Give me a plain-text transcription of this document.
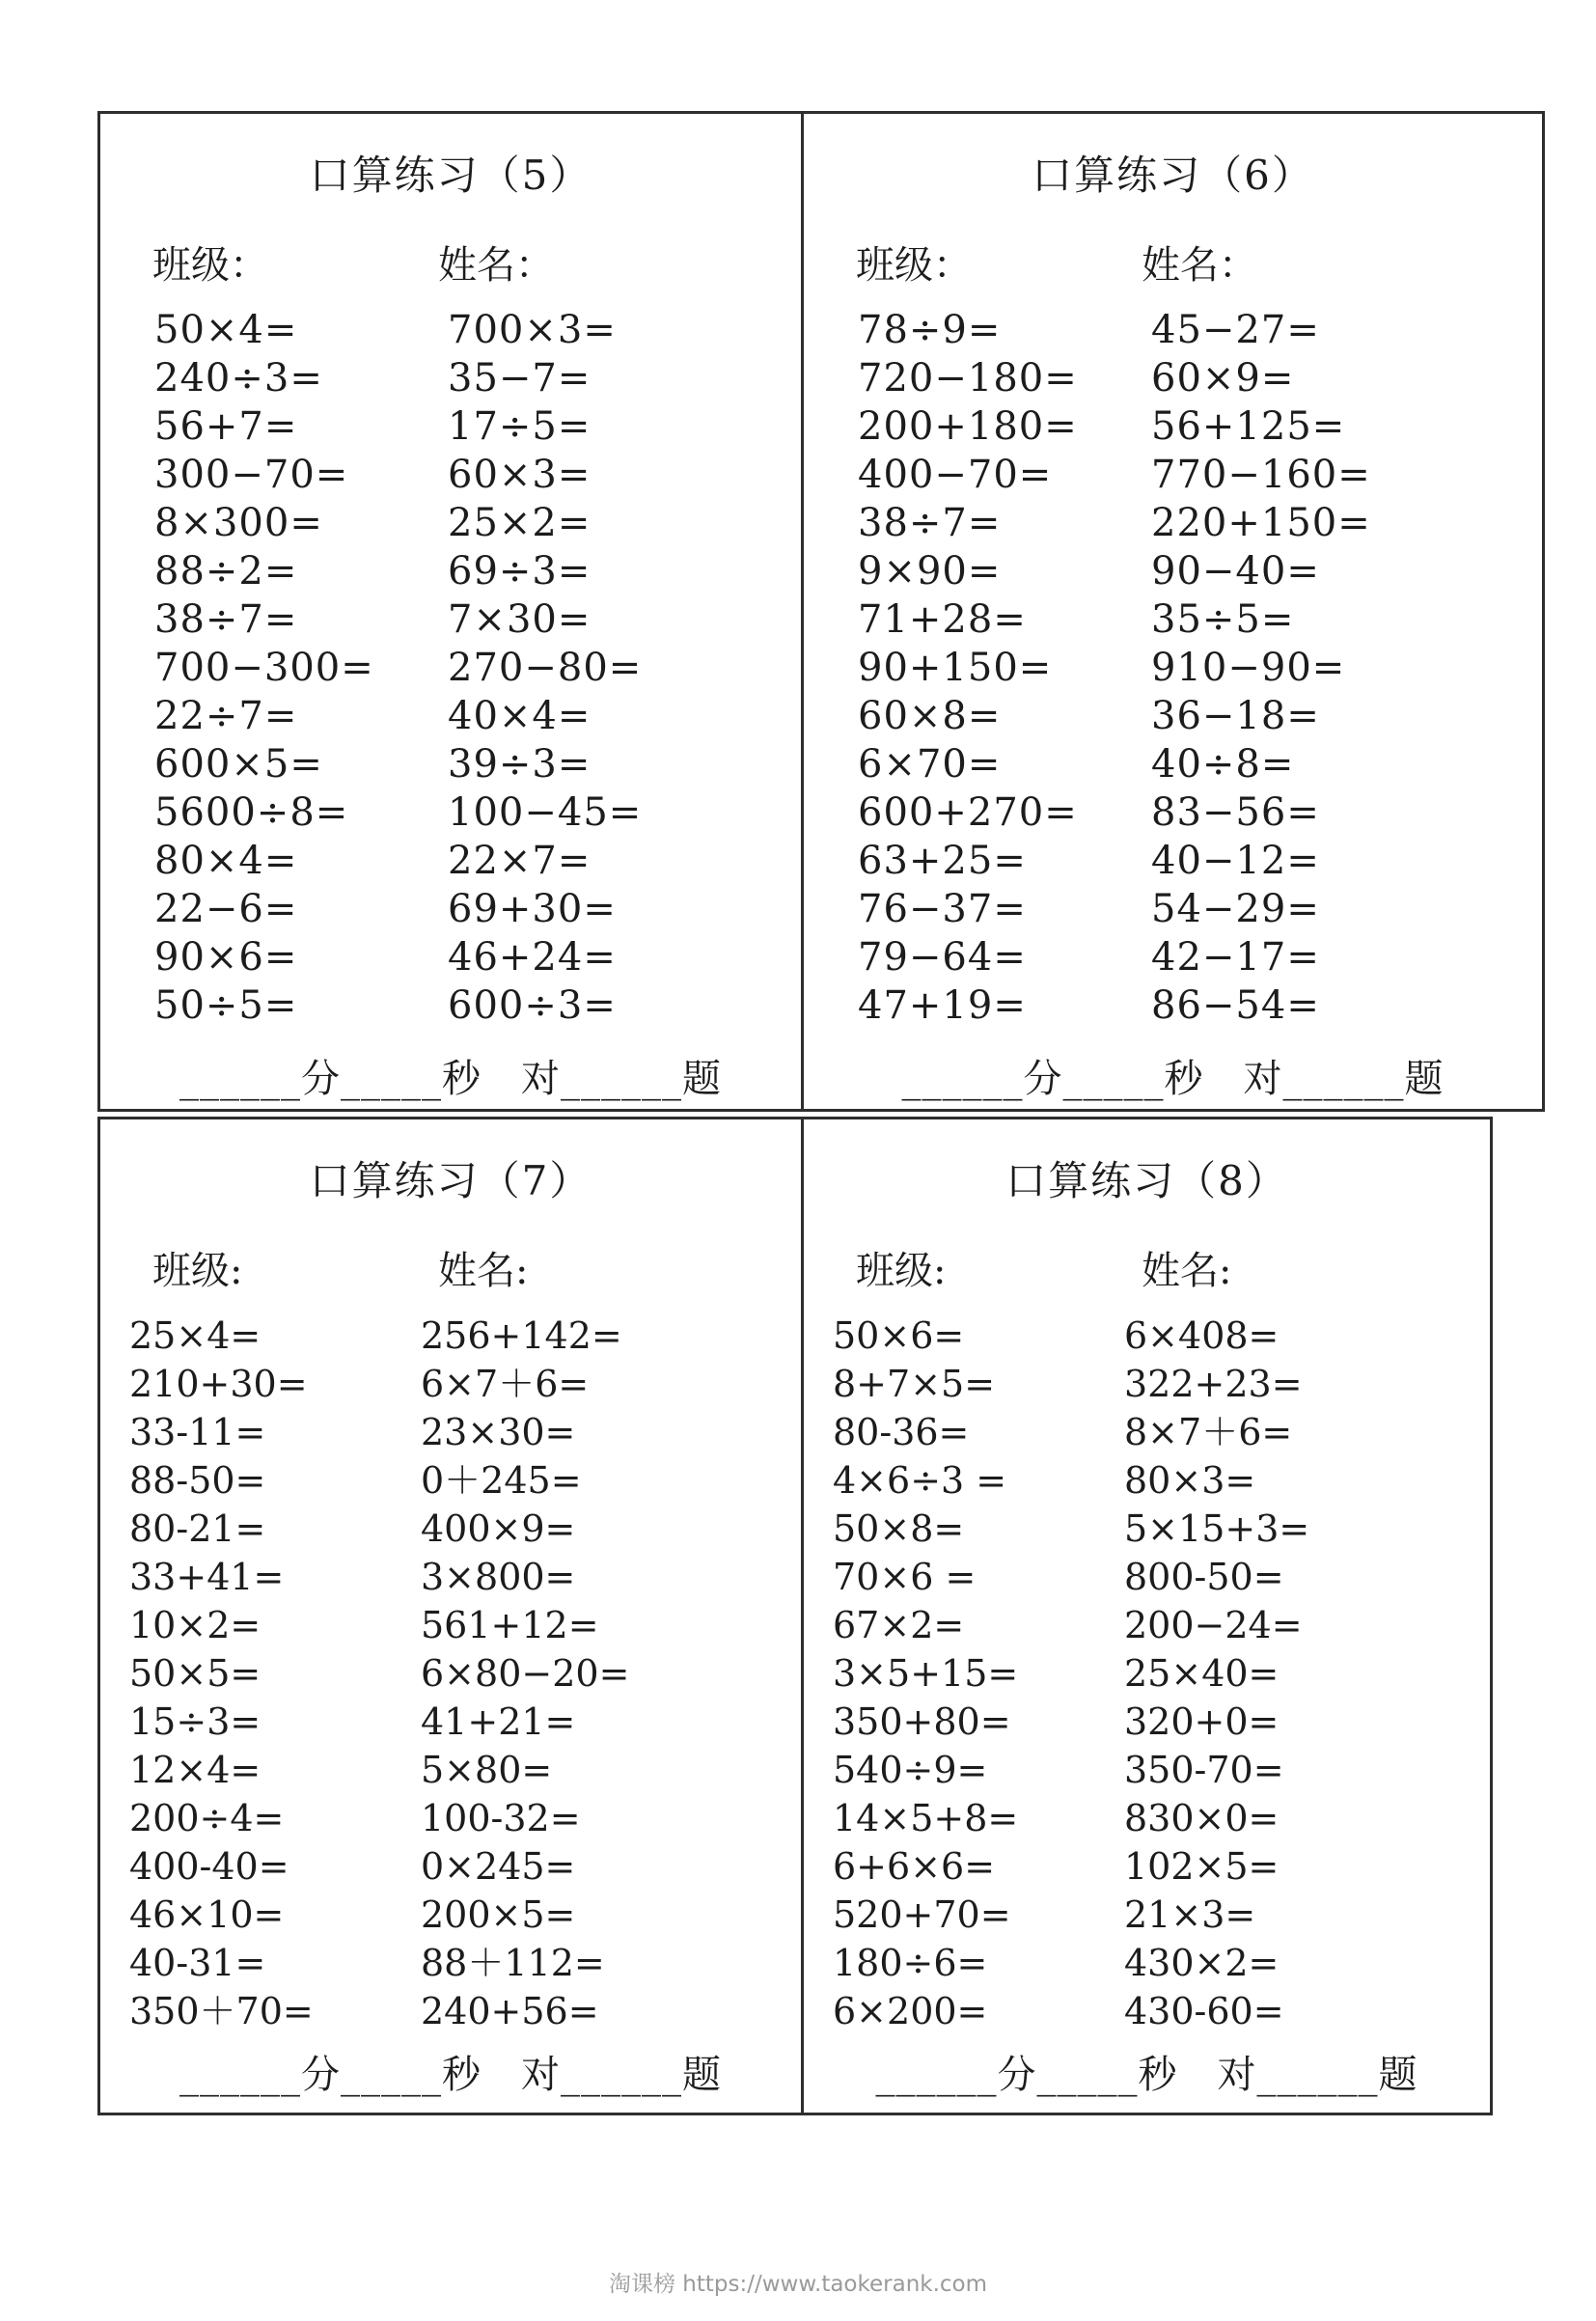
口算练习（5）
班级：	姓名：
50×4=	700×3=
240÷3=	35−7=
56+7=	17÷5=
300−70=	60×3=
8×300=	25×2=
88÷2=	69÷3=
38÷7=	7×30=
700−300=	270−80=
22÷7=	40×4=
600×5=	39÷3=
5600÷8=	100−45=
80×4=	22×7=
22−6=	69+30=
90×6=	46+24=
50÷5=	600÷3=
______分_____秒　对______题
口算练习（6）
班级：	姓名：
78÷9=	45−27=
720−180=	60×9=
200+180=	56+125=
400−70=	770−160=
38÷7=	220+150=
9×90=	90−40=
71+28=	35÷5=
90+150=	910−90=
60×8=	36−18=
6×70=	40÷8=
600+270=	83−56=
63+25=	40−12=
76−37=	54−29=
79−64=	42−17=
47+19=	86−54=
______分_____秒　对______题
口算练习（7）
班级:	姓名:
25×4=	256+142=
210+30=	6×7＋6=
33-11=	23×30=
88-50=	0＋245=
80-21=	400×9=
33+41=	3×800=
10×2=	561+12=
50×5=	6×80−20=
15÷3=	41+21=
12×4=	5×80=
200÷4=	100-32=
400-40=	0×245=
46×10=	200×5=
40-31=	88＋112=
350＋70=	240+56=
______分_____秒　对______题
口算练习（8）
班级:	姓名:
50×6=	6×408=
8+7×5=	322+23=
80-36=	8×7＋6=
4×6÷3 =	80×3=
50×8=	5×15+3=
70×6 =	800-50=
67×2=	200−24=
3×5+15=	25×40=
350+80=	320+0=
540÷9=	350-70=
14×5+8=	830×0=
6+6×6=	102×5=
520+70=	21×3=
180÷6=	430×2=
6×200=	430-60=
______分_____秒　对______题
淘课榜 https://www.taokerank.com
